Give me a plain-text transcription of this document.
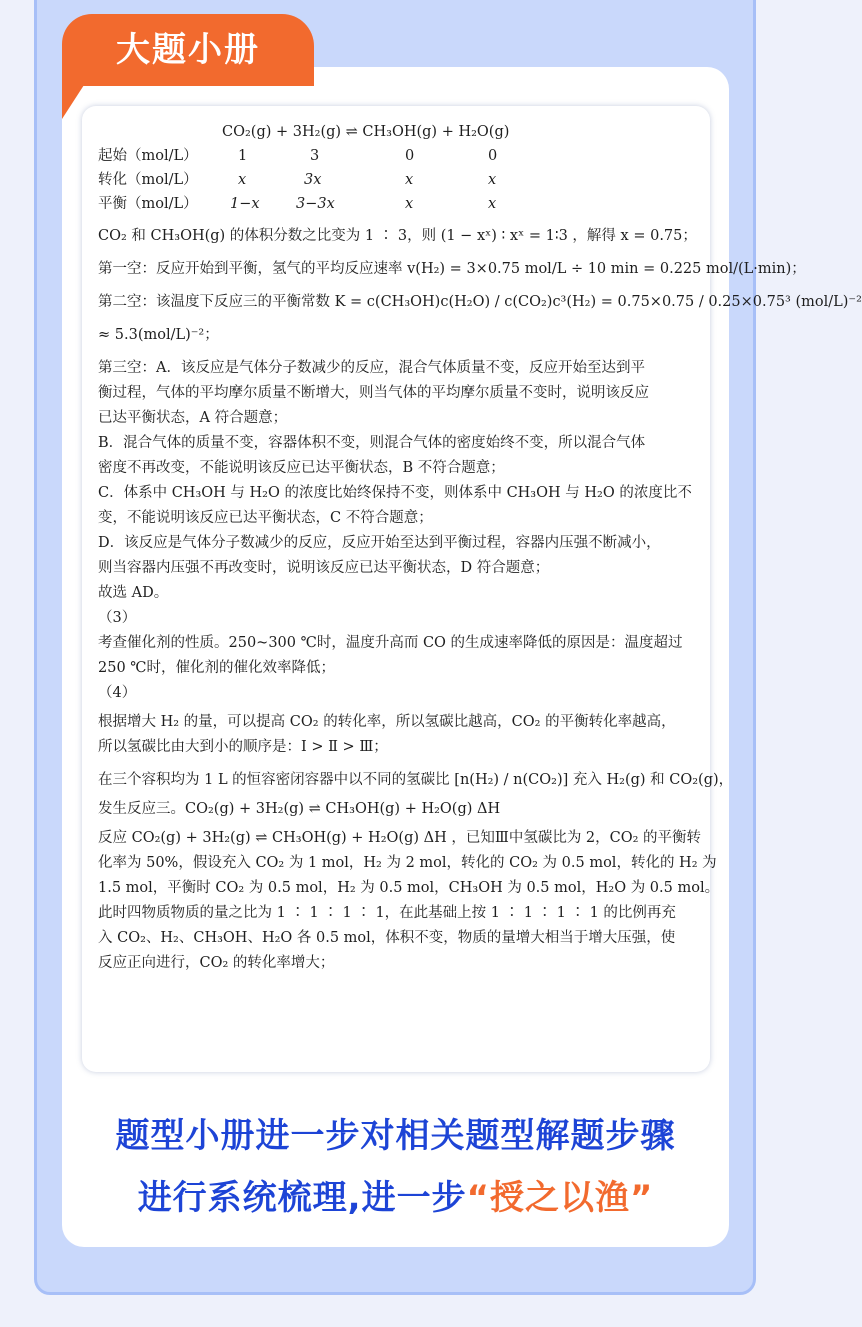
大题小册
CO₂(g) + 3H₂(g) ⇌ CH₃OH(g) + H₂O(g)
起始（mol/L）	1	3	0	0
转化（mol/L）	x	3x	x	x
平衡（mol/L） 1−x	3−3x	x	x

CO₂ 和 CH₃OH(g) 的体积分数之比变为 1 ∶ 3，则 (1 − xˣ) ∶ xˣ = 1∶3 ，解得 x = 0.75；

第一空：反应开始到平衡，氢气的平均反应速率 v(H₂) = 3×0.75 mol/L ÷ 10 min = 0.225 mol/(L·min)；

第二空：该温度下反应三的平衡常数 K = c(CH₃OH)c(H₂O) / c(CO₂)c³(H₂) = 0.75×0.75 / 0.25×0.75³ (mol/L)⁻²

≈ 5.3(mol/L)⁻²；

第三空：A．该反应是气体分子数减少的反应，混合气体质量不变，反应开始至达到平

衡过程，气体的平均摩尔质量不断增大，则当气体的平均摩尔质量不变时，说明该反应

已达平衡状态，A 符合题意；

B．混合气体的质量不变，容器体积不变，则混合气体的密度始终不变，所以混合气体

密度不再改变，不能说明该反应已达平衡状态，B 不符合题意；

C．体系中 CH₃OH 与 H₂O 的浓度比始终保持不变，则体系中 CH₃OH 与 H₂O 的浓度比不

变，不能说明该反应已达平衡状态，C 不符合题意；

D．该反应是气体分子数减少的反应，反应开始至达到平衡过程，容器内压强不断减小，

则当容器内压强不再改变时，说明该反应已达平衡状态，D 符合题意；

故选 AD。

（3）

考查催化剂的性质。250~300 ℃时，温度升高而 CO 的生成速率降低的原因是：温度超过

250 ℃时，催化剂的催化效率降低；

（4）

根据增大 H₂ 的量，可以提高 CO₂ 的转化率，所以氢碳比越高，CO₂ 的平衡转化率越高，

所以氢碳比由大到小的顺序是：Ⅰ > Ⅱ > Ⅲ；

在三个容积均为 1 L 的恒容密闭容器中以不同的氢碳比 [n(H₂) / n(CO₂)] 充入 H₂(g) 和 CO₂(g)，

发生反应三。CO₂(g) + 3H₂(g) ⇌ CH₃OH(g) + H₂O(g) ΔH

反应 CO₂(g) + 3H₂(g) ⇌ CH₃OH(g) + H₂O(g) ΔH ，已知Ⅲ中氢碳比为 2，CO₂ 的平衡转

化率为 50%，假设充入 CO₂ 为 1 mol，H₂ 为 2 mol，转化的 CO₂ 为 0.5 mol，转化的 H₂ 为

1.5 mol，平衡时 CO₂ 为 0.5 mol，H₂ 为 0.5 mol，CH₃OH 为 0.5 mol，H₂O 为 0.5 mol。

此时四物质物质的量之比为 1 ∶ 1 ∶ 1 ∶ 1，在此基础上按 1 ∶ 1 ∶ 1 ∶ 1 的比例再充

入 CO₂、H₂、CH₃OH、H₂O 各 0.5 mol，体积不变，物质的量增大相当于增大压强，使

反应正向进行，CO₂ 的转化率增大；

题型小册进一步对相关题型解题步骤
进行系统梳理,进一步“授之以渔”
